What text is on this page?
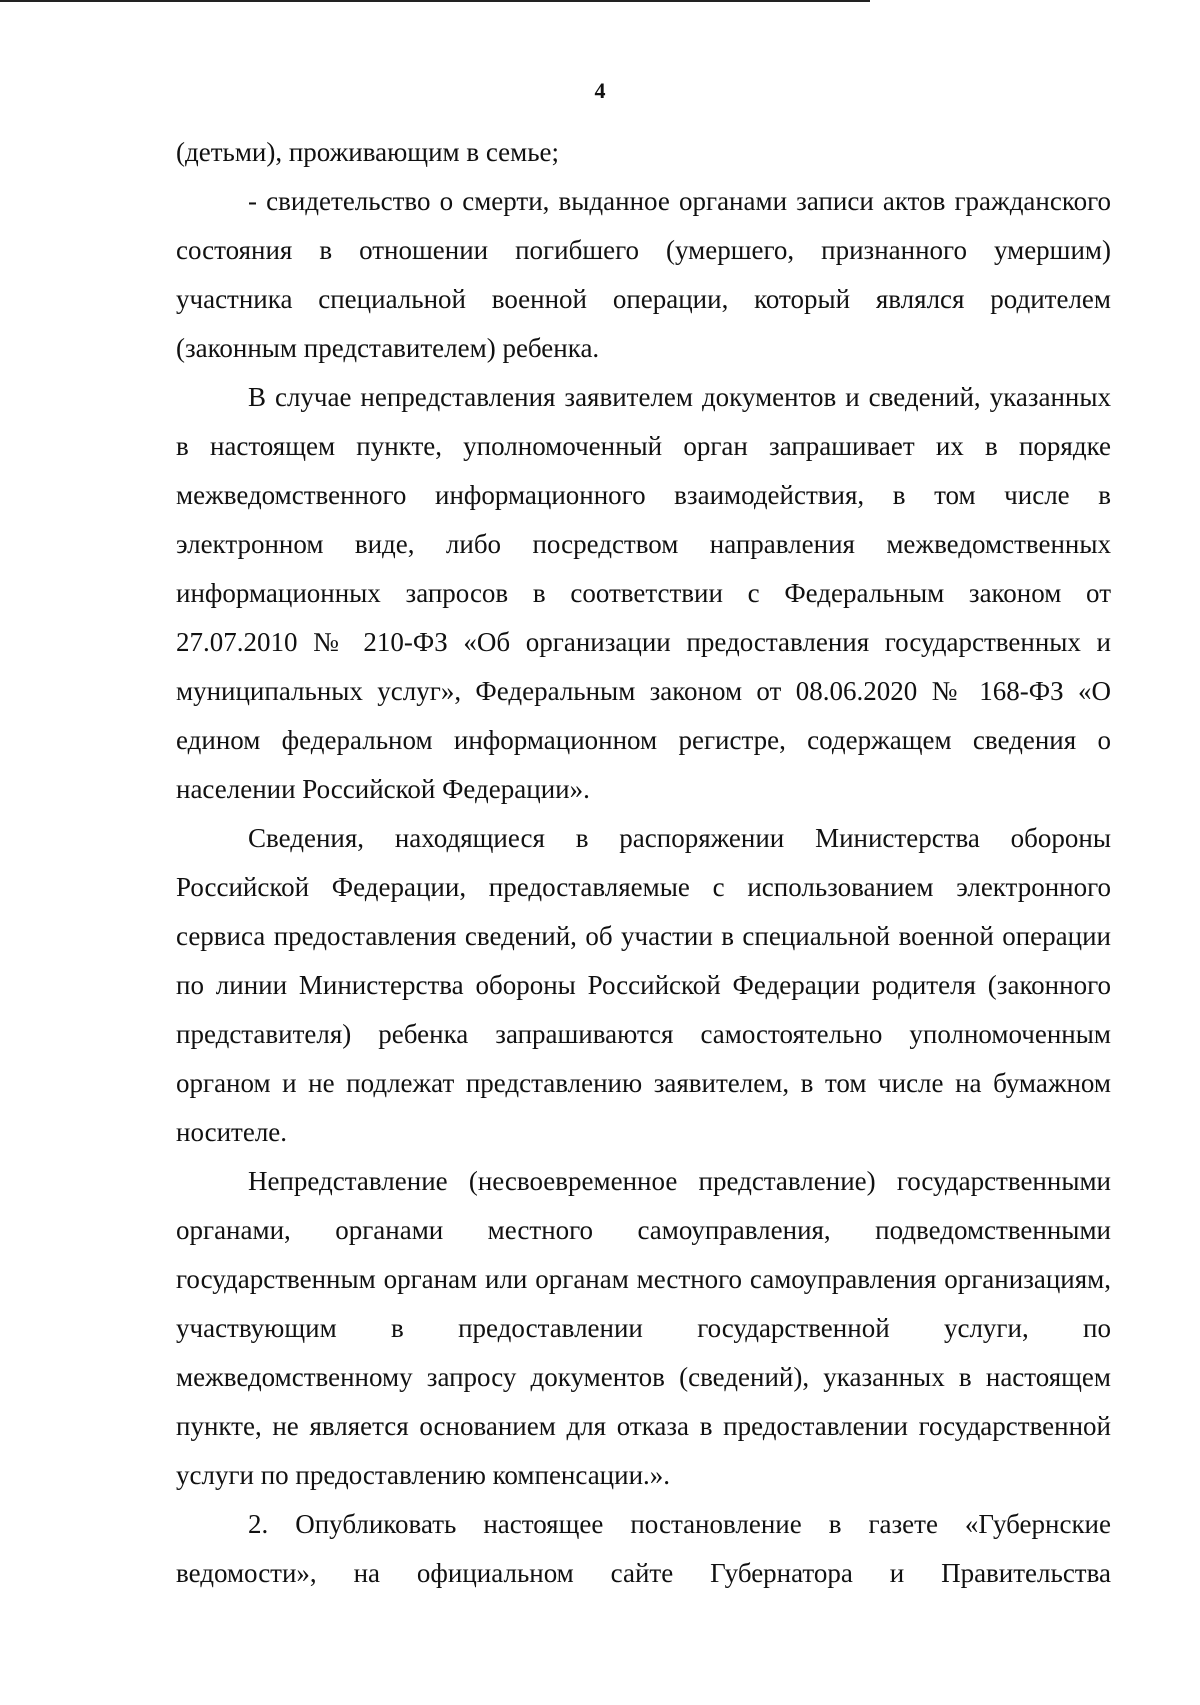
4

(детьми), проживающим в семье;

- свидетельство о смерти, выданное органами записи актов гражданского состояния в отношении погибшего (умершего, признанного умершим) участника специальной военной операции, который являлся родителем (законным представителем) ребенка.

В случае непредставления заявителем документов и сведений, указанных в настоящем пункте, уполномоченный орган запрашивает их в порядке межведомственного информационного взаимодействия, в том числе в электронном виде, либо посредством направления межведомственных информационных запросов в соответствии с Федеральным законом от 27.07.2010 № 210-ФЗ «Об организации предоставления государственных и муниципальных услуг», Федеральным законом от 08.06.2020 № 168-ФЗ «О едином федеральном информационном регистре, содержащем сведения о населении Российской Федерации».

Сведения, находящиеся в распоряжении Министерства обороны Российской Федерации, предоставляемые с использованием электронного сервиса предоставления сведений, об участии в специальной военной операции по линии Министерства обороны Российской Федерации родителя (законного представителя) ребенка запрашиваются самостоятельно уполномоченным органом и не подлежат представлению заявителем, в том числе на бумажном носителе.

Непредставление (несвоевременное представление) государственными органами, органами местного самоуправления, подведомственными государственным органам или органам местного самоуправления организациям, участвующим в предоставлении государственной услуги, по межведомственному запросу документов (сведений), указанных в настоящем пункте, не является основанием для отказа в предоставлении государственной услуги по предоставлению компенсации.».

2. Опубликовать настоящее постановление в газете «Губернские ведомости», на официальном сайте Губернатора и Правительства
